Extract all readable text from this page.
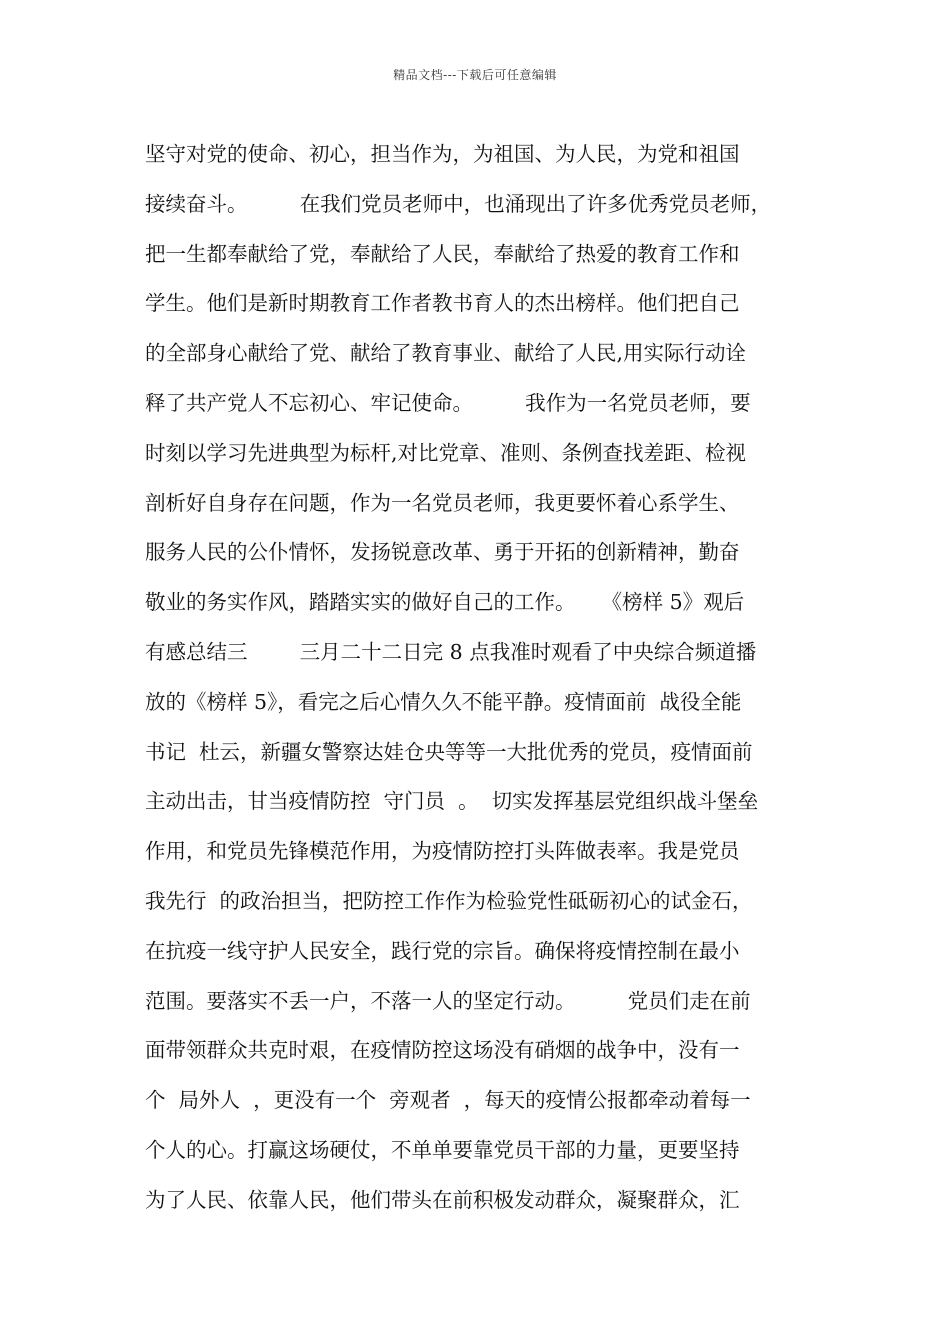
精品文档---下载后可任意编辑
坚守对党的使命、初心，担当作为，为祖国、为人民，为党和祖国
接续奋斗。        在我们党员老师中，也涌现出了许多优秀党员老师，
把一生都奉献给了党，奉献给了人民，奉献给了热爱的教育工作和
学生。他们是新时期教育工作者教书育人的杰出榜样。他们把自己
的全部身心献给了党、献给了教育事业、献给了人民,用实际行动诠
释了共产党人不忘初心、牢记使命。        我作为一名党员老师，要
时刻以学习先进典型为标杆,对比党章、准则、条例查找差距、检视
剖析好自身存在问题，作为一名党员老师，我更要怀着心系学生、
服务人民的公仆情怀，发扬锐意改革、勇于开拓的创新精神，勤奋
敬业的务实作风，踏踏实实的做好自己的工作。    《榜样 5》观后
有感总结三        三月二十二日完 8 点我准时观看了中央综合频道播
放的《榜样 5》，看完之后心情久久不能平静。疫情面前  战役全能
书记  杜云，新疆女警察达娃仓央等等一大批优秀的党员，疫情面前
主动出击，甘当疫情防控  守门员  。  切实发挥基层党组织战斗堡垒
作用，和党员先锋模范作用，为疫情防控打头阵做表率。我是党员
我先行  的政治担当，把防控工作作为检验党性砥砺初心的试金石，
在抗疫一线守护人民安全，践行党的宗旨。确保将疫情控制在最小
范围。要落实不丢一户，不落一人的坚定行动。        党员们走在前
面带领群众共克时艰，在疫情防控这场没有硝烟的战争中，没有一
个  局外人  ，更没有一个  旁观者  ，每天的疫情公报都牵动着每一
个人的心。打赢这场硬仗，不单单要靠党员干部的力量，更要坚持
为了人民、依靠人民，他们带头在前积极发动群众，凝聚群众，汇
